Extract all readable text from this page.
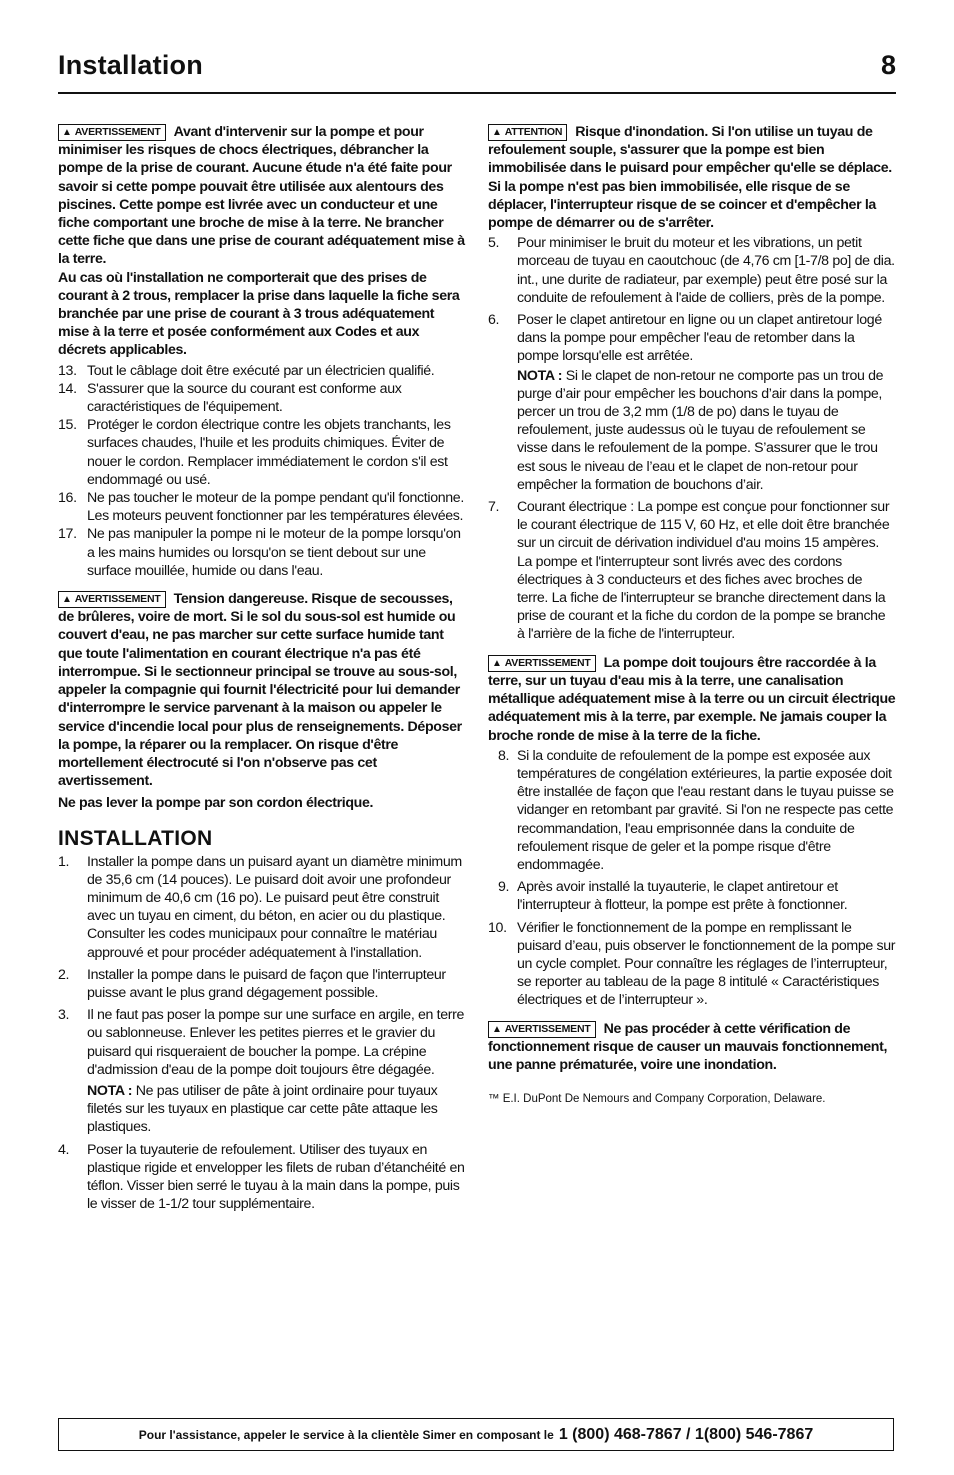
Installation	8

▲ AVERTISSEMENT Avant d'intervenir sur la pompe et pour minimiser les risques de chocs électriques, débrancher la pompe de la prise de courant. Aucune étude n'a été faite pour savoir si cette pompe pouvait être utilisée aux alentours des piscines. Cette pompe est livrée avec un conducteur et une fiche comportant une broche de mise à la terre. Ne brancher cette fiche que dans une prise de courant adéquatement mise à la terre.

Au cas où l'installation ne comporterait que des prises de courant à 2 trous, remplacer la prise dans laquelle la fiche sera branchée par une prise de courant à 3 trous adéquatement mise à la terre et posée conformément aux Codes et aux décrets applicables.

13. Tout le câblage doit être exécuté par un électricien qualifié.
14. S'assurer que la source du courant est conforme aux caractéristiques de l'équipement.
15. Protéger le cordon électrique contre les objets tranchants, les surfaces chaudes, l'huile et les produits chimiques. Éviter de nouer le cordon. Remplacer immédiatement le cordon s'il est endommagé ou usé.
16. Ne pas toucher le moteur de la pompe pendant qu'il fonctionne. Les moteurs peuvent fonctionner par les températures élevées.
17. Ne pas manipuler la pompe ni le moteur de la pompe lorsqu'on a les mains humides ou lorsqu'on se tient debout sur une surface mouillée, humide ou dans l'eau.

▲ AVERTISSEMENT Tension dangereuse. Risque de secousses, de brûleres, voire de mort. Si le sol du sous-sol est humide ou couvert d'eau, ne pas marcher sur cette surface humide tant que toute l'alimentation en courant électrique n'a pas été interrompue. Si le sectionneur principal se trouve au sous-sol, appeler la compagnie qui fournit l'électricité pour lui demander d'interrompre le service parvenant à la maison ou appeler le service d'incendie local pour plus de renseignements. Déposer la pompe, la réparer ou la remplacer. On risque d'être mortellement électrocuté si l'on n'observe pas cet avertissement.

Ne pas lever la pompe par son cordon électrique.

INSTALLATION
1. Installer la pompe dans un puisard ayant un diamètre minimum de 35,6 cm (14 pouces). Le puisard doit avoir une profondeur minimum de 40,6 cm (16 po). Le puisard peut être construit avec un tuyau en ciment, du béton, en acier ou du plastique. Consulter les codes municipaux pour connaître le matériau approuvé et pour procéder adéquatement à l'installation.
2. Installer la pompe dans le puisard de façon que l'interrupteur puisse avant le plus grand dégagement possible.
3. Il ne faut pas poser la pompe sur une surface en argile, en terre ou sablonneuse. Enlever les petites pierres et le gravier du puisard qui risqueraient de boucher la pompe. La crépine d'admission d'eau de la pompe doit toujours être dégagée.
NOTA : Ne pas utiliser de pâte à joint ordinaire pour tuyaux filetés sur les tuyaux en plastique car cette pâte attaque les plastiques.
4. Poser la tuyauterie de refoulement. Utiliser des tuyaux en plastique rigide et envelopper les filets de ruban d’étanchéité en téflon. Visser bien serré le tuyau à la main dans la pompe, puis le visser de 1-1/2 tour supplémentaire.

▲ ATTENTION Risque d'inondation. Si l'on utilise un tuyau de refoulement souple, s'assurer que la pompe est bien immobilisée dans le puisard pour empêcher qu'elle se déplace. Si la pompe n'est pas bien immobilisée, elle risque de se déplacer, l'interrupteur risque de se coincer et d'empêcher la pompe de démarrer ou de s'arrêter.

5. Pour minimiser le bruit du moteur et les vibrations, un petit morceau de tuyau en caoutchouc (de 4,76 cm [1-7/8 po] de dia. int., une durite de radiateur, par exemple) peut être posé sur la conduite de refoulement à l'aide de colliers, près de la pompe.
6. Poser le clapet antiretour en ligne ou un clapet antiretour logé dans la pompe pour empêcher l'eau de retomber dans la pompe lorsqu'elle est arrêtée.
NOTA : Si le clapet de non-retour ne comporte pas un trou de purge d’air pour empêcher les bouchons d’air dans la pompe, percer un trou de 3,2 mm (1/8 de po) dans le tuyau de refoulement, juste audessus où le tuyau de refoulement se visse dans le refoulement de la pompe. S’assurer que le trou est sous le niveau de l’eau et le clapet de non-retour pour empêcher la formation de bouchons d’air.
7. Courant électrique : La pompe est conçue pour fonctionner sur le courant électrique de 115 V, 60 Hz, et elle doit être branchée sur un circuit de dérivation individuel d'au moins 15 ampères. La pompe et l'interrupteur sont livrés avec des cordons électriques à 3 conducteurs et des fiches avec broches de terre. La fiche de l'interrupteur se branche directement dans la prise de courant et la fiche du cordon de la pompe se branche à l'arrière de la fiche de l'interrupteur.

▲ AVERTISSEMENT La pompe doit toujours être raccordée à la terre, sur un tuyau d'eau mis à la terre, une canalisation métallique adéquatement mise à la terre ou un circuit électrique adéquatement mis à la terre, par exemple. Ne jamais couper la broche ronde de mise à la terre de la fiche.

8. Si la conduite de refoulement de la pompe est exposée aux températures de congélation extérieures, la partie exposée doit être installée de façon que l'eau restant dans le tuyau puisse se vidanger en retombant par gravité. Si l'on ne respecte pas cette recommandation, l'eau emprisonnée dans la conduite de refoulement risque de geler et la pompe risque d'être endommagée.
9. Après avoir installé la tuyauterie, le clapet antiretour et l'interrupteur à flotteur, la pompe est prête à fonctionner.
10. Vérifier le fonctionnement de la pompe en remplissant le puisard d’eau, puis observer le fonctionnement de la pompe sur un cycle complet. Pour connaître les réglages de l’interrupteur, se reporter au tableau de la page 8 intitulé « Caractéristiques électriques et de l’interrupteur ».

▲ AVERTISSEMENT Ne pas procéder à cette vérification de fonctionnement risque de causer un mauvais fonctionnement, une panne prématurée, voire une inondation.

™ E.I. DuPont De Nemours and Company Corporation, Delaware.
Pour l'assistance, appeler le service à la clientèle Simer en composant le 1 (800) 468-7867 / 1(800) 546-7867
